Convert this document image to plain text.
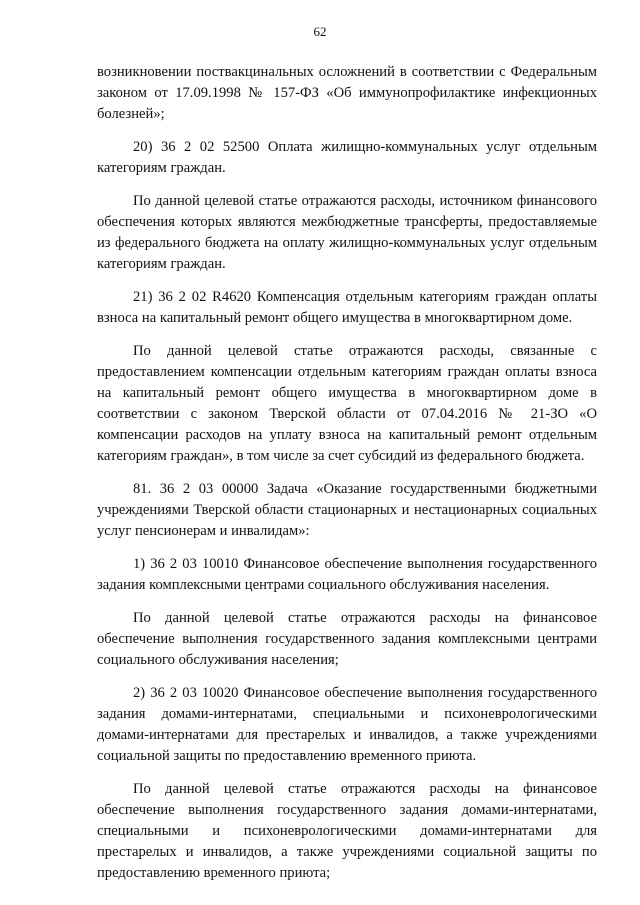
62

возникновении поствакцинальных осложнений в соответствии с Федеральным законом от 17.09.1998 № 157-ФЗ «Об иммунопрофилактике инфекционных болезней»;

20) 36 2 02 52500 Оплата жилищно-коммунальных услуг отдельным категориям граждан.

По данной целевой статье отражаются расходы, источником финансового обеспечения которых являются межбюджетные трансферты, предоставляемые из федерального бюджета на оплату жилищно-коммунальных услуг отдельным категориям граждан.

21) 36 2 02 R4620 Компенсация отдельным категориям граждан оплаты взноса на капитальный ремонт общего имущества в многоквартирном доме.

По данной целевой статье отражаются расходы, связанные с предоставлением компенсации отдельным категориям граждан оплаты взноса на капитальный ремонт общего имущества в многоквартирном доме в соответствии с законом Тверской области от 07.04.2016 № 21-ЗО «О компенсации расходов на уплату взноса на капитальный ремонт отдельным категориям граждан», в том числе за счет субсидий из федерального бюджета.

81. 36 2 03 00000 Задача «Оказание государственными бюджетными учреждениями Тверской области стационарных и нестационарных социальных услуг пенсионерам и инвалидам»:

1) 36 2 03 10010 Финансовое обеспечение выполнения государственного задания комплексными центрами социального обслуживания населения.

По данной целевой статье отражаются расходы на финансовое обеспечение выполнения государственного задания комплексными центрами социального обслуживания населения;

2) 36 2 03 10020 Финансовое обеспечение выполнения государственного задания домами-интернатами, специальными и психоневрологическими домами-интернатами для престарелых и инвалидов, а также учреждениями социальной защиты по предоставлению временного приюта.

По данной целевой статье отражаются расходы на финансовое обеспечение выполнения государственного задания домами-интернатами, специальными и психоневрологическими домами-интернатами для престарелых и инвалидов, а также учреждениями социальной защиты по предоставлению временного приюта;
